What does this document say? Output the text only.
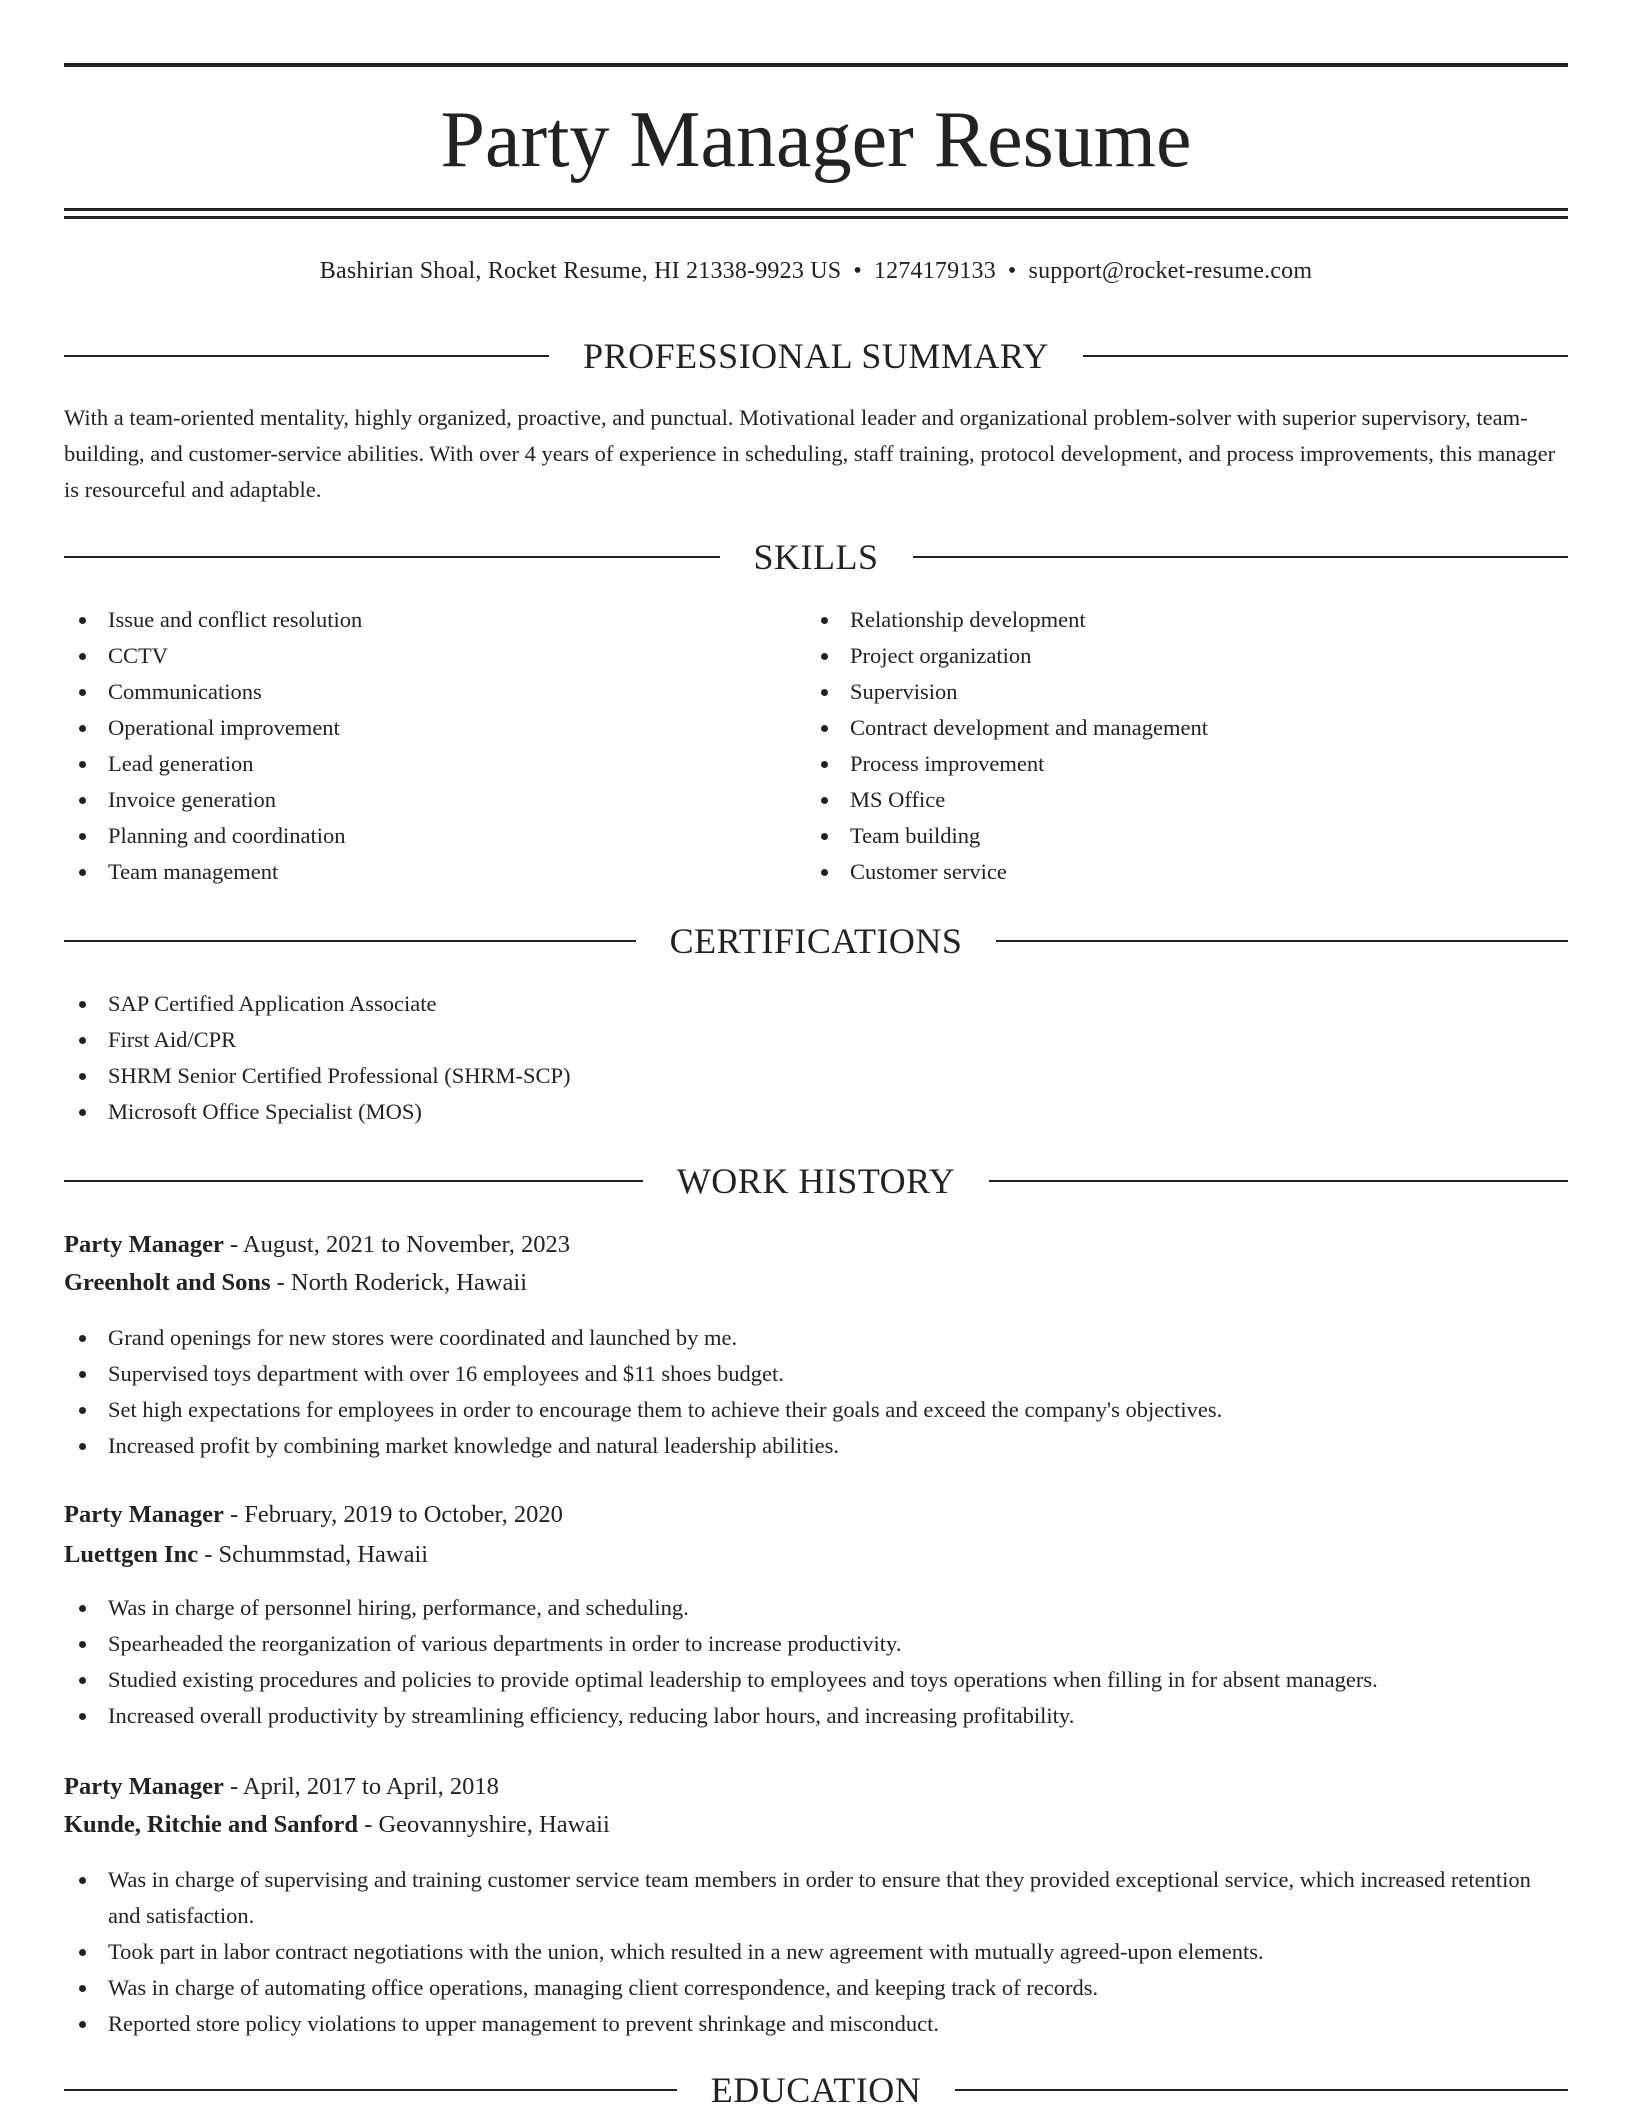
Party Manager Resume
Bashirian Shoal, Rocket Resume, HI 21338-9923 US • 1274179133 • support@rocket-resume.com
PROFESSIONAL SUMMARY

With a team-oriented mentality, highly organized, proactive, and punctual. Motivational leader and organizational problem-solver with superior supervisory, team-building, and customer-service abilities. With over 4 years of experience in scheduling, staff training, protocol development, and process improvements, this manager is resourceful and adaptable.

SKILLS
Issue and conflict resolution
CCTV
Communications
Operational improvement
Lead generation
Invoice generation
Planning and coordination
Team management
Relationship development
Project organization
Supervision
Contract development and management
Process improvement
MS Office
Team building
Customer service
CERTIFICATIONS
SAP Certified Application Associate
First Aid/CPR
SHRM Senior Certified Professional (SHRM-SCP)
Microsoft Office Specialist (MOS)
WORK HISTORY
Party Manager - August, 2021 to November, 2023
Greenholt and Sons - North Roderick, Hawaii
Grand openings for new stores were coordinated and launched by me.
Supervised toys department with over 16 employees and $11 shoes budget.
Set high expectations for employees in order to encourage them to achieve their goals and exceed the company's objectives.
Increased profit by combining market knowledge and natural leadership abilities.
Party Manager - February, 2019 to October, 2020
Luettgen Inc - Schummstad, Hawaii
Was in charge of personnel hiring, performance, and scheduling.
Spearheaded the reorganization of various departments in order to increase productivity.
Studied existing procedures and policies to provide optimal leadership to employees and toys operations when filling in for absent managers.
Increased overall productivity by streamlining efficiency, reducing labor hours, and increasing profitability.
Party Manager - April, 2017 to April, 2018
Kunde, Ritchie and Sanford - Geovannyshire, Hawaii
Was in charge of supervising and training customer service team members in order to ensure that they provided exceptional service, which increased retention and satisfaction.
Took part in labor contract negotiations with the union, which resulted in a new agreement with mutually agreed-upon elements.
Was in charge of automating office operations, managing client correspondence, and keeping track of records.
Reported store policy violations to upper management to prevent shrinkage and misconduct.
EDUCATION
